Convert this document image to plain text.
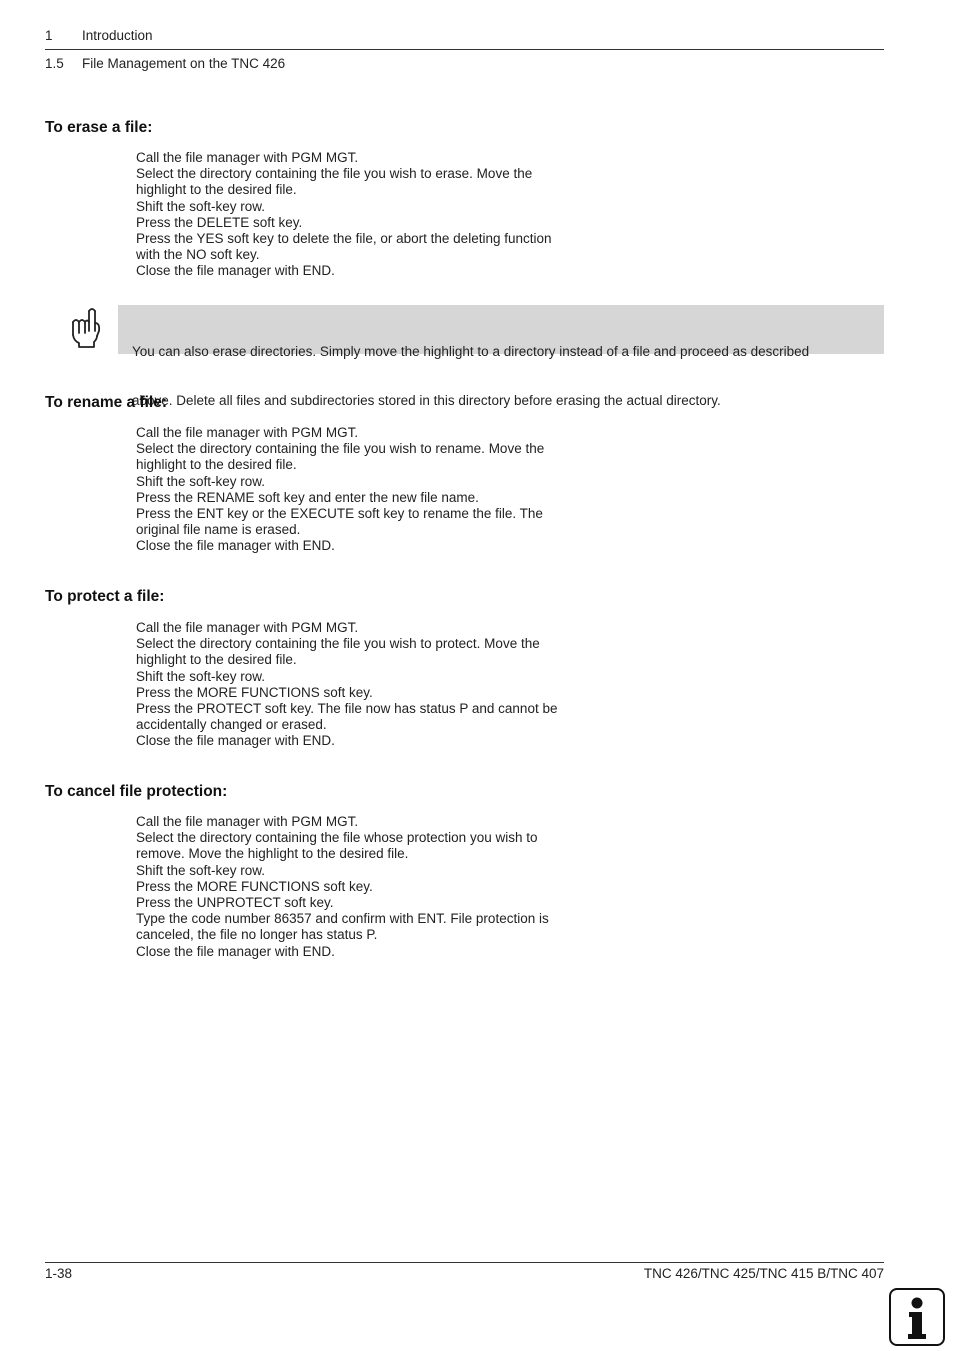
1 Introduction
1.5 File Management on the TNC 426
To erase a file:
Call the file manager with PGM MGT.
Select the directory containing the file you wish to erase. Move the
highlight to the desired file.
Shift the soft-key row.
Press the DELETE soft key.
Press the YES soft key to delete the file, or abort the deleting function
with the NO soft key.
Close the file manager with END.

You can also erase directories. Simply move the highlight to a directory instead of a file and proceed as described

above. Delete all files and subdirectories stored in this directory before erasing the actual directory.

To rename a file:
Call the file manager with PGM MGT.
Select the directory containing the file you wish to rename. Move the
highlight to the desired file.
Shift the soft-key row.
Press the RENAME soft key and enter the new file name.
Press the ENT key or the EXECUTE soft key to rename the file. The
original file name is erased.
Close the file manager with END.
To protect a file:
Call the file manager with PGM MGT.
Select the directory containing the file you wish to protect. Move the
highlight to the desired file.
Shift the soft-key row.
Press the MORE FUNCTIONS soft key.
Press the PROTECT soft key. The file now has status P and cannot be
accidentally changed or erased.
Close the file manager with END.
To cancel file protection:
Call the file manager with PGM MGT.
Select the directory containing the file whose protection you wish to
remove. Move the highlight to the desired file.
Shift the soft-key row.
Press the MORE FUNCTIONS soft key.
Press the UNPROTECT soft key.
Type the code number 86357 and confirm with ENT. File protection is
canceled, the file no longer has status P.
Close the file manager with END.
1-38	TNC 426/TNC 425/TNC 415 B/TNC 407
